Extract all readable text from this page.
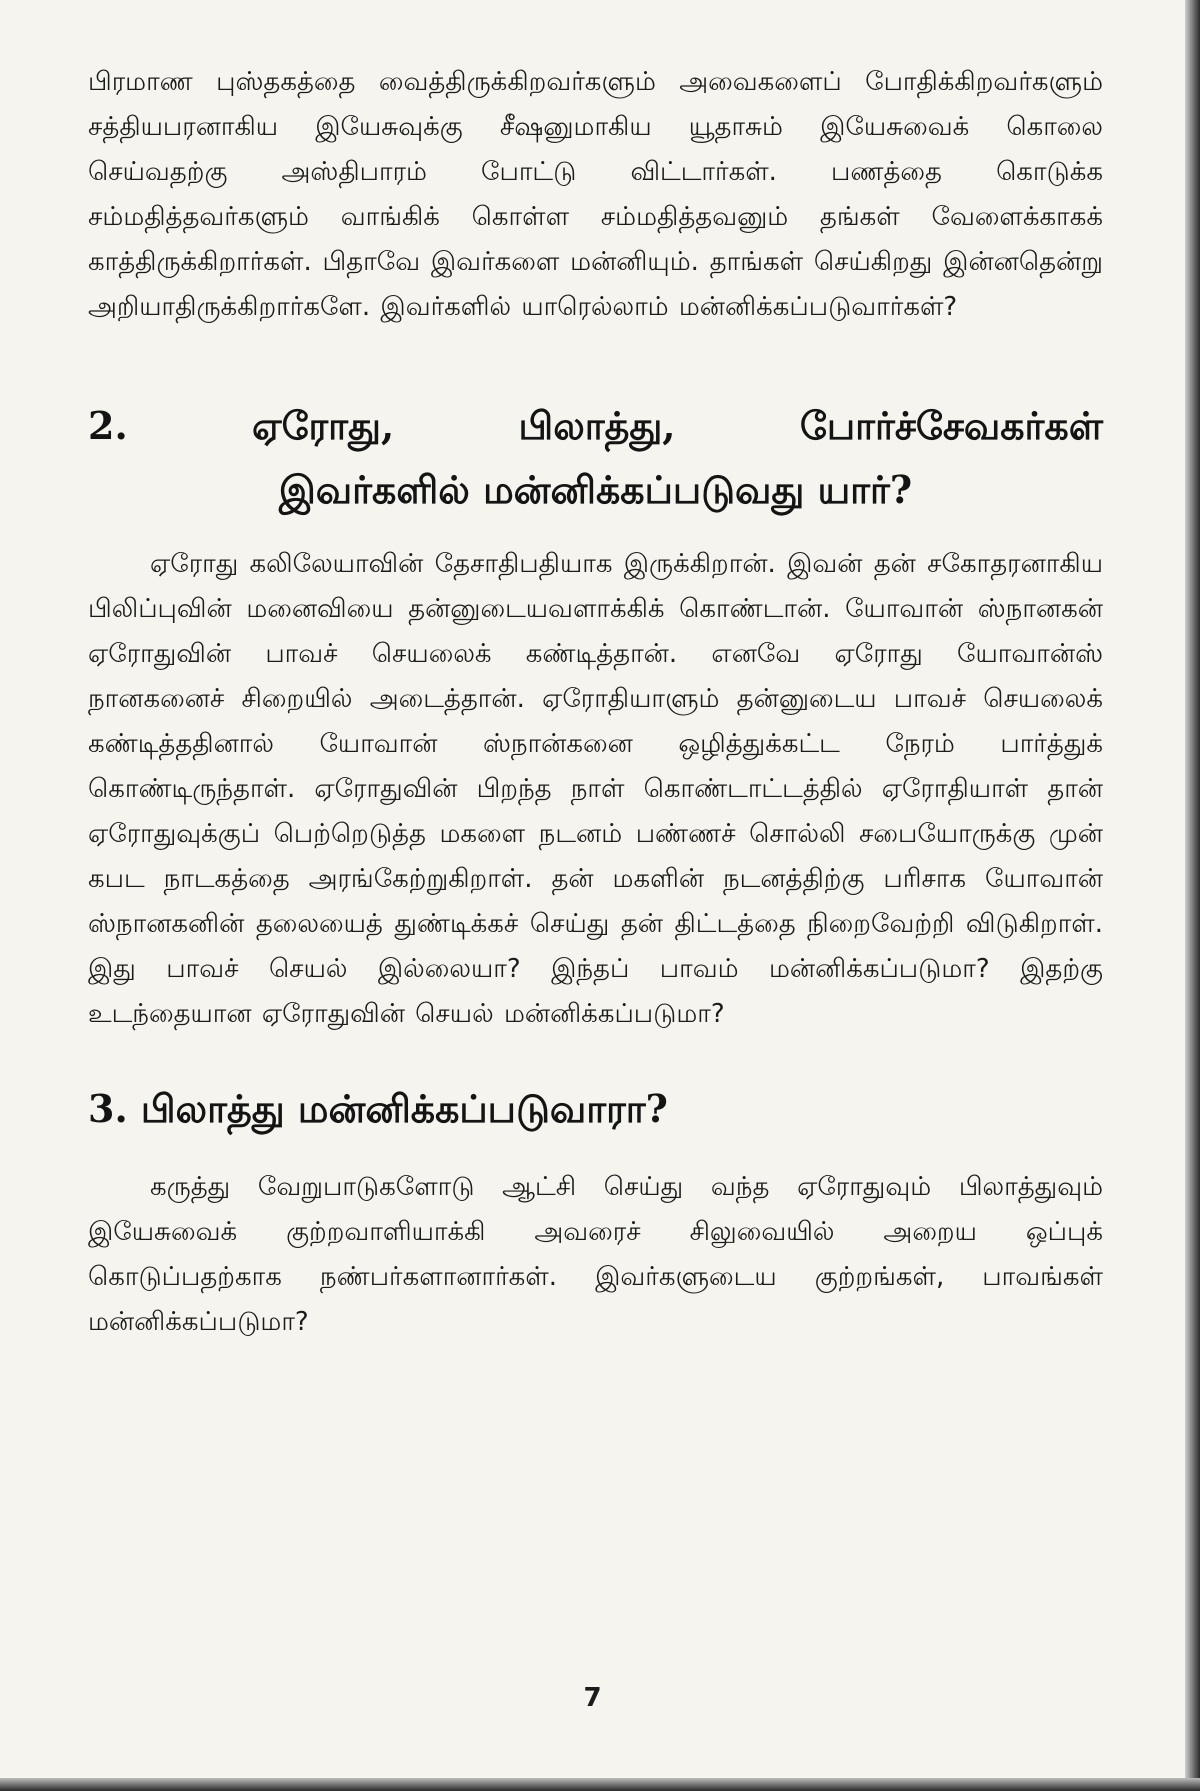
பிரமாண புஸ்தகத்தை வைத்திருக்கிறவர்களும் அவைகளைப் போதிக்கிறவர்களும் சத்தியபரனாகிய இயேசுவுக்கு சீஷனுமாகிய யூதாசும் இயேசுவைக் கொலை செய்வதற்கு அஸ்திபாரம் போட்டு விட்டார்கள். பணத்தை கொடுக்க சம்மதித்தவர்களும் வாங்கிக் கொள்ள சம்மதித்தவனும் தங்கள் வேளைக்காகக் காத்திருக்கிறார்கள். பிதாவே இவர்களை மன்னியும். தாங்கள் செய்கிறது இன்னதென்று அறியாதிருக்கிறார்களே. இவர்களில் யாரெல்லாம் மன்னிக்கப்படுவார்கள்?

2. ஏரோது, பிலாத்து, போர்ச்சேவகர்கள்
இவர்களில் மன்னிக்கப்படுவது யார்?

ஏரோது கலிலேயாவின் தேசாதிபதியாக இருக்கிறான். இவன் தன் சகோதரனாகிய பிலிப்புவின் மனைவியை தன்னுடையவளாக்கிக் கொண்டான். யோவான் ஸ்நானகன் ஏரோதுவின் பாவச் செயலைக் கண்டித்தான். எனவே ஏரோது யோவான்ஸ் நானகனைச் சிறையில் அடைத்தான். ஏரோதியாளும் தன்னுடைய பாவச் செயலைக் கண்டித்ததினால் யோவான் ஸ்நான்கனை ஒழித்துக்கட்ட நேரம் பார்த்துக் கொண்டிருந்தாள். ஏரோதுவின் பிறந்த நாள் கொண்டாட்டத்தில் ஏரோதியாள் தான் ஏரோதுவுக்குப் பெற்றெடுத்த மகளை நடனம் பண்ணச் சொல்லி சபையோருக்கு முன் கபட நாடகத்தை அரங்கேற்றுகிறாள். தன் மகளின் நடனத்திற்கு பரிசாக யோவான் ஸ்நானகனின் தலையைத் துண்டிக்கச் செய்து தன் திட்டத்தை நிறைவேற்றி விடுகிறாள். இது பாவச் செயல் இல்லையா? இந்தப் பாவம் மன்னிக்கப்படுமா? இதற்கு உடந்தையான ஏரோதுவின் செயல் மன்னிக்கப்படுமா?

3. பிலாத்து மன்னிக்கப்படுவாரா?

கருத்து வேறுபாடுகளோடு ஆட்சி செய்து வந்த ஏரோதுவும் பிலாத்துவும் இயேசுவைக் குற்றவாளியாக்கி அவரைச் சிலுவையில் அறைய ஒப்புக் கொடுப்பதற்காக நண்பர்களானார்கள். இவர்களுடைய குற்றங்கள், பாவங்கள் மன்னிக்கப்படுமா?

7
